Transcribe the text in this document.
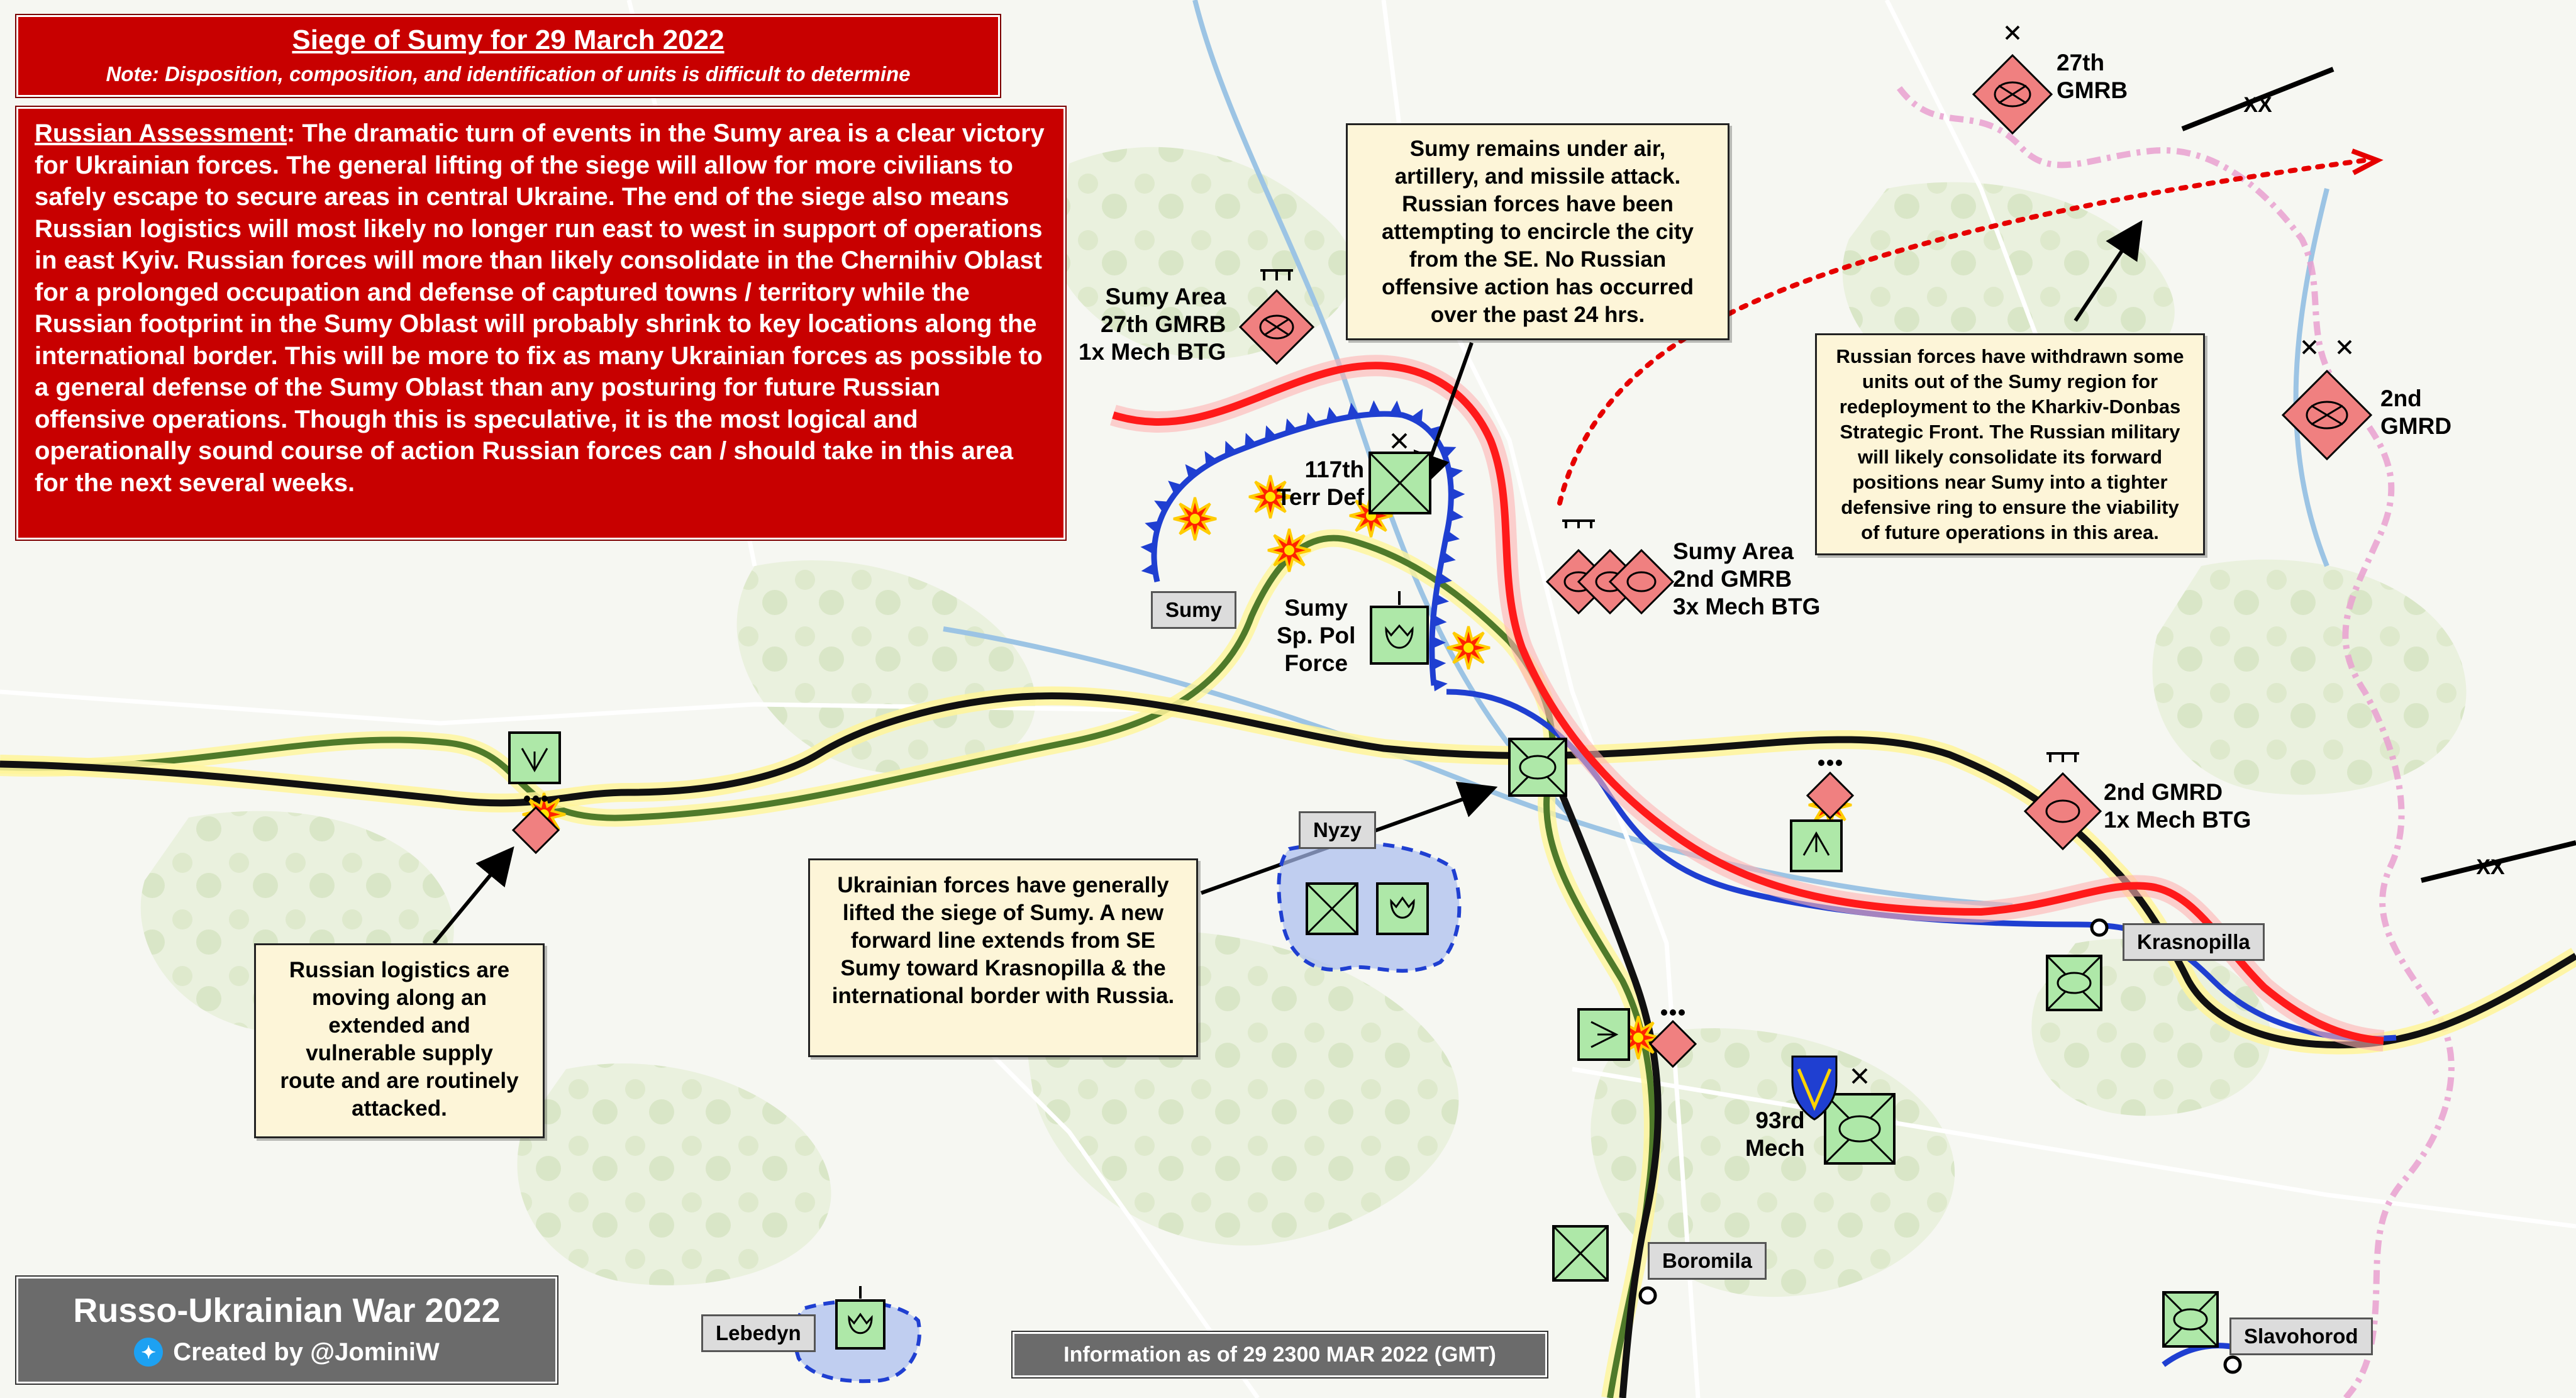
XX
XX
Siege of Sumy for 29 March 2022
Note: Disposition, composition, and identification of units is difficult to determine
Russian Assessment: The dramatic turn of events in the Sumy area is a clear victory for Ukrainian forces. The general lifting of the siege will allow for more civilians to safely escape to secure areas in central Ukraine. The end of the siege also means Russian logistics will most likely no longer run east to west in support of operations in east Kyiv. Russian forces will more than likely consolidate in the Chernihiv Oblast for a prolonged occupation and defense of captured towns / territory while the Russian footprint in the Sumy Oblast will probably shrink to key locations along the international border. This will be more to fix as many Ukrainian forces as possible to a general defense of the Sumy Oblast than any posturing for future Russian offensive operations. Though this is speculative, it is the most logical and operationally sound course of action Russian forces can / should take in this area for the next several weeks.

Sumy remains under air, artillery, and missile attack. Russian forces have been attempting to encircle the city from the SE. No Russian offensive action has occurred over the past 24 hrs.

Russian forces have withdrawn some units out of the Sumy region for redeployment to the Kharkiv-Donbas Strategic Front. The Russian military will likely consolidate its forward positions near Sumy into a tighter defensive ring to ensure the viability of future operations in this area.

Ukrainian forces have generally lifted the siege of Sumy. A new forward line extends from SE Sumy toward Krasnopilla & the international border with Russia.

Russian logistics are moving along an extended and vulnerable supply route and are routinely attacked.

Sumy
Nyzy
Krasnopilla
Boromila
Lebedyn	Slavohorod
Sumy Area
27th GMRB
1x Mech BTG
Sumy Area
2nd GMRB
3x Mech BTG
27th
GMRB
2nd
GMRD
2nd GMRD
1x Mech BTG
117th
Terr Def
Sumy
Sp. Pol
Force
93rd
Mech
Russo-Ukrainian War 2022
✦ Created by @JominiW	Information as of 29 2300 MAR 2022 (GMT)
